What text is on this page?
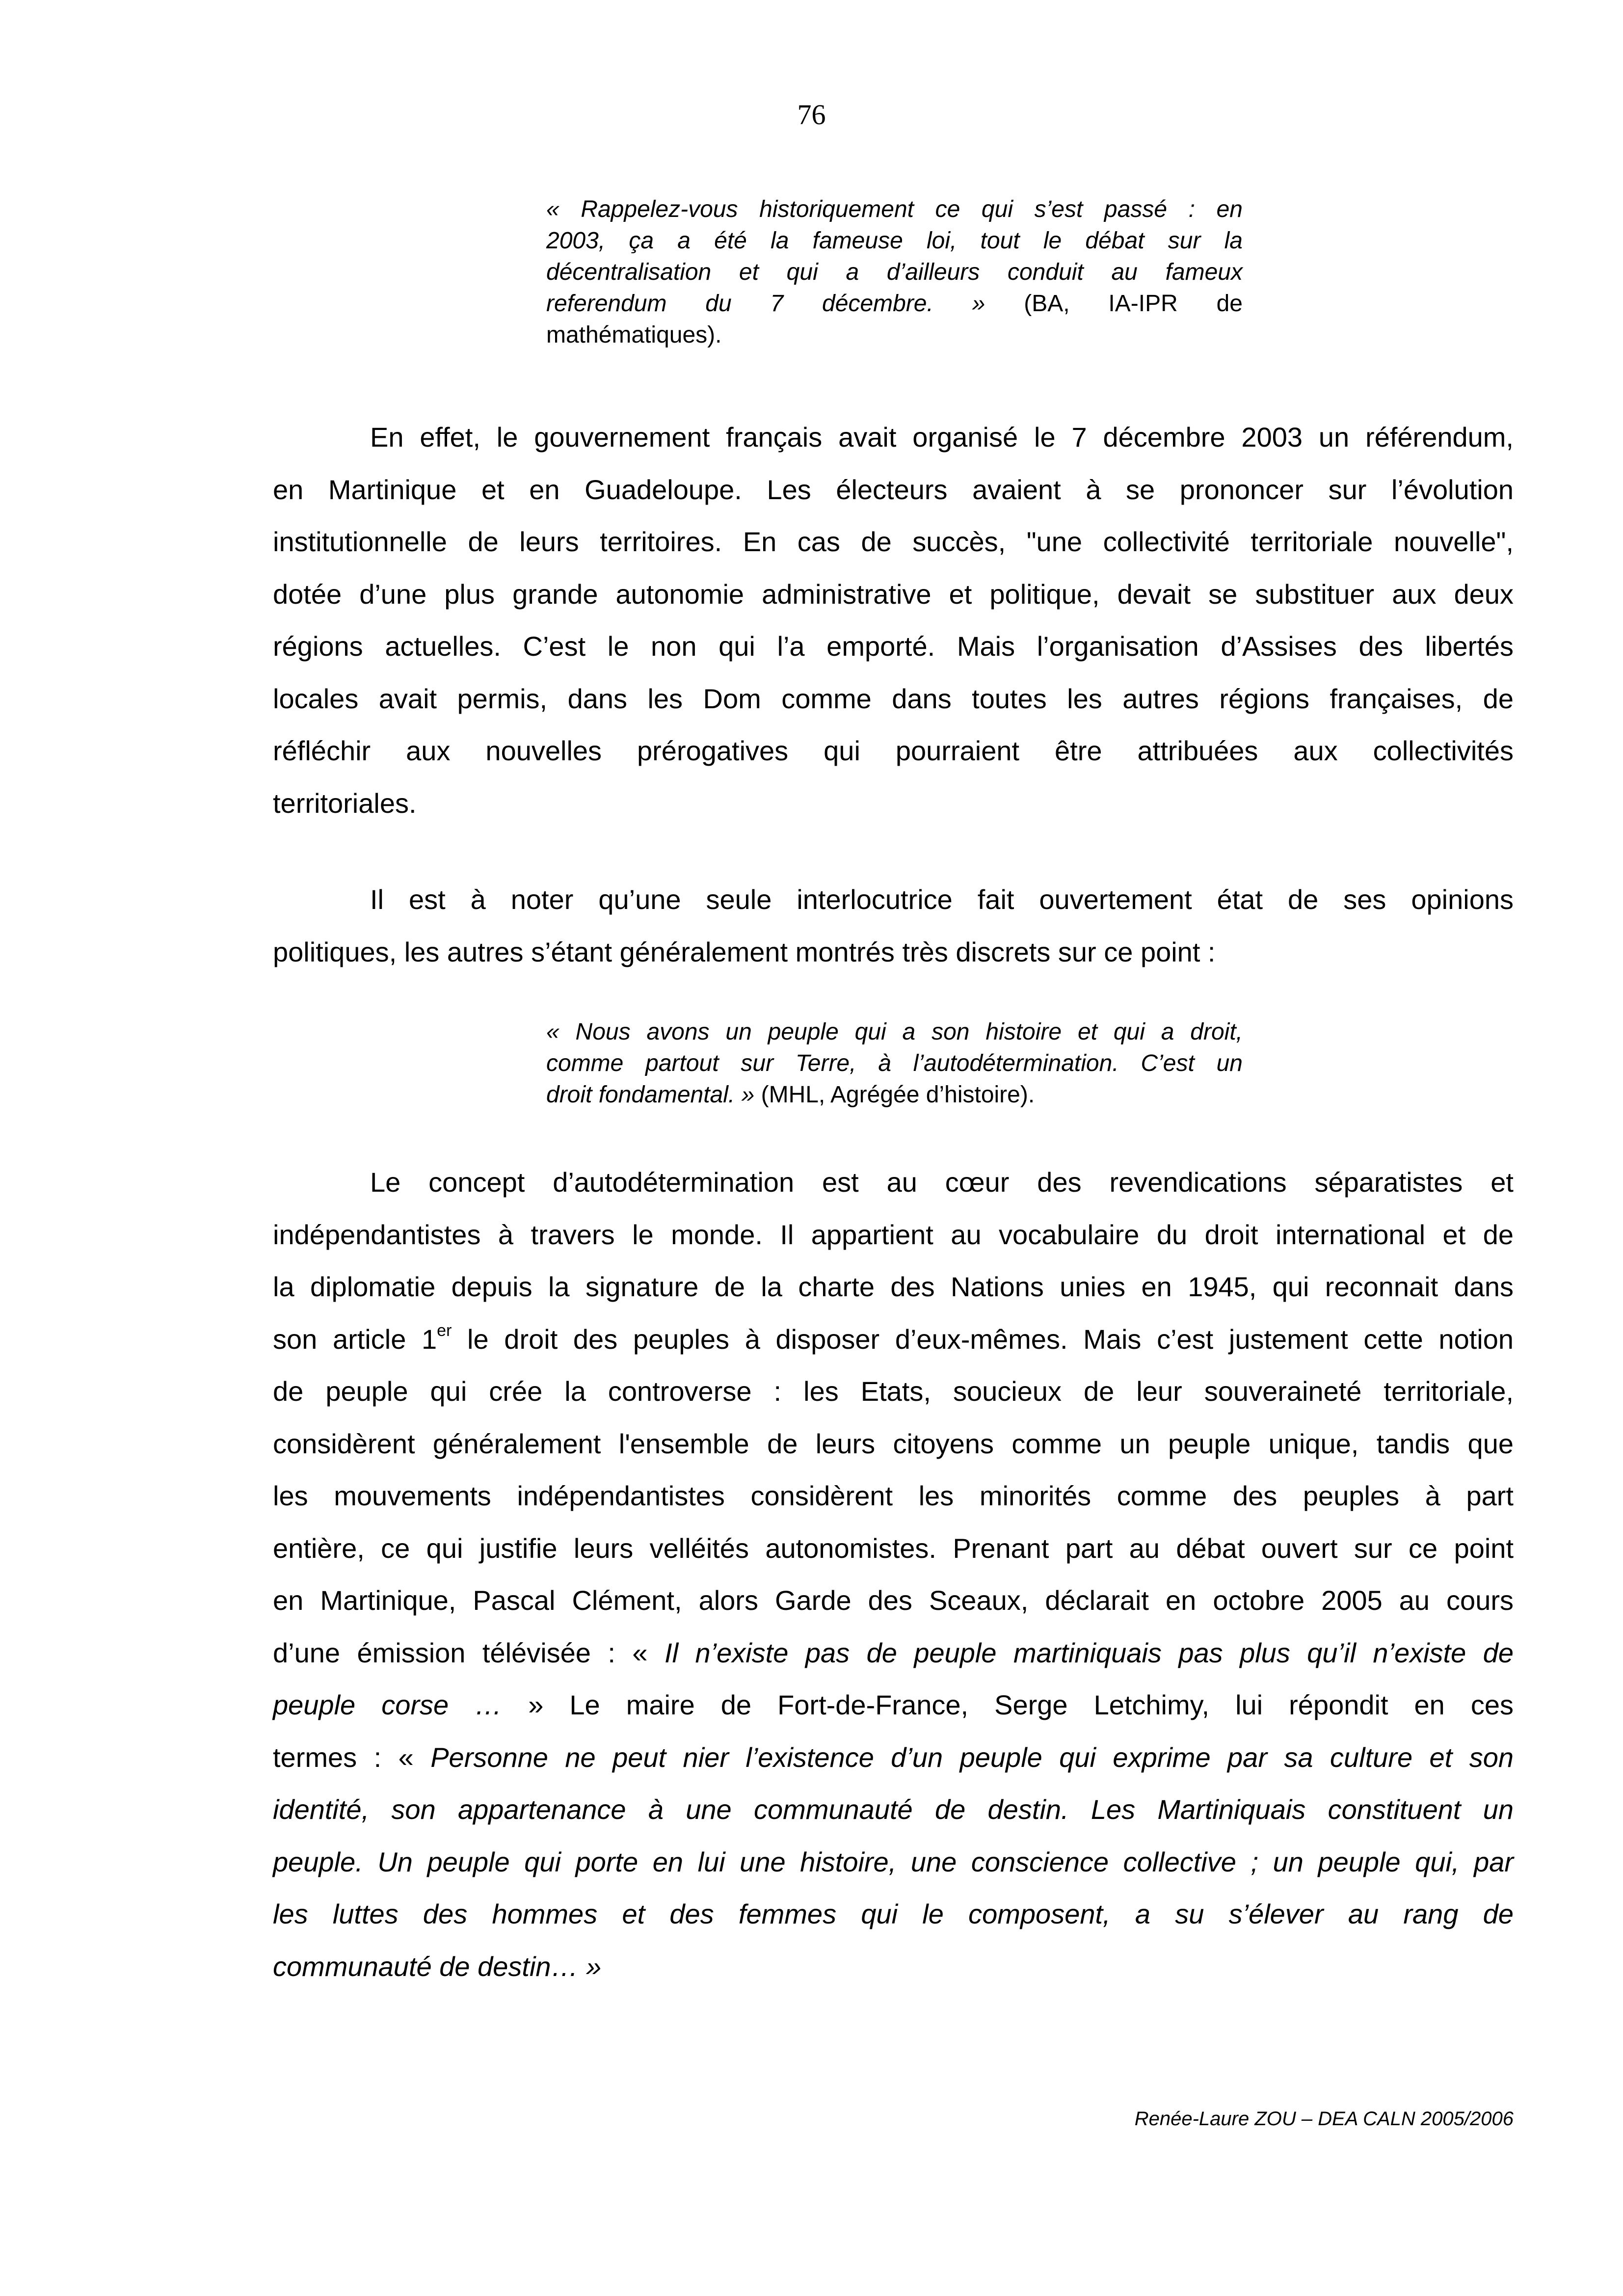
76
« Rappelez-vous historiquement ce qui s’est passé : en
2003, ça a été la fameuse loi, tout le débat sur la
décentralisation et qui a d’ailleurs conduit au fameux
referendum du 7 décembre. » (BA, IA-IPR de
mathématiques).
En effet, le gouvernement français avait organisé le 7 décembre 2003 un référendum,
en Martinique et en Guadeloupe. Les électeurs avaient à se prononcer sur l’évolution
institutionnelle de leurs territoires. En cas de succès, "une collectivité territoriale nouvelle",
dotée d’une plus grande autonomie administrative et politique, devait se substituer aux deux
régions actuelles. C’est le non qui l’a emporté. Mais l’organisation d’Assises des libertés
locales avait permis, dans les Dom comme dans toutes les autres régions françaises, de
réfléchir aux nouvelles prérogatives qui pourraient être attribuées aux collectivités
territoriales.
Il est à noter qu’une seule interlocutrice fait ouvertement état de ses opinions
politiques, les autres s’étant généralement montrés très discrets sur ce point :
« Nous avons un peuple qui a son histoire et qui a droit,
comme partout sur Terre, à l’autodétermination. C’est un
droit fondamental. » (MHL, Agrégée d’histoire).
Le concept d’autodétermination est au cœur des revendications séparatistes et
indépendantistes à travers le monde. Il appartient au vocabulaire du droit international et de
la diplomatie depuis la signature de la charte des Nations unies en 1945, qui reconnait dans
son article 1er le droit des peuples à disposer d’eux-mêmes. Mais c’est justement cette notion
de peuple qui crée la controverse : les Etats, soucieux de leur souveraineté territoriale,
considèrent généralement l'ensemble de leurs citoyens comme un peuple unique, tandis que
les mouvements indépendantistes considèrent les minorités comme des peuples à part
entière, ce qui justifie leurs velléités autonomistes. Prenant part au débat ouvert sur ce point
en Martinique, Pascal Clément, alors Garde des Sceaux, déclarait en octobre 2005 au cours
d’une émission télévisée : « Il n’existe pas de peuple martiniquais pas plus qu’il n’existe de
peuple corse … » Le maire de Fort-de-France, Serge Letchimy, lui répondit en ces
termes : « Personne ne peut nier l’existence d’un peuple qui exprime par sa culture et son
identité, son appartenance à une communauté de destin. Les Martiniquais constituent un
peuple. Un peuple qui porte en lui une histoire, une conscience collective ; un peuple qui, par
les luttes des hommes et des femmes qui le composent, a su s’élever au rang de
communauté de destin… »
Renée-Laure ZOU – DEA CALN 2005/2006
